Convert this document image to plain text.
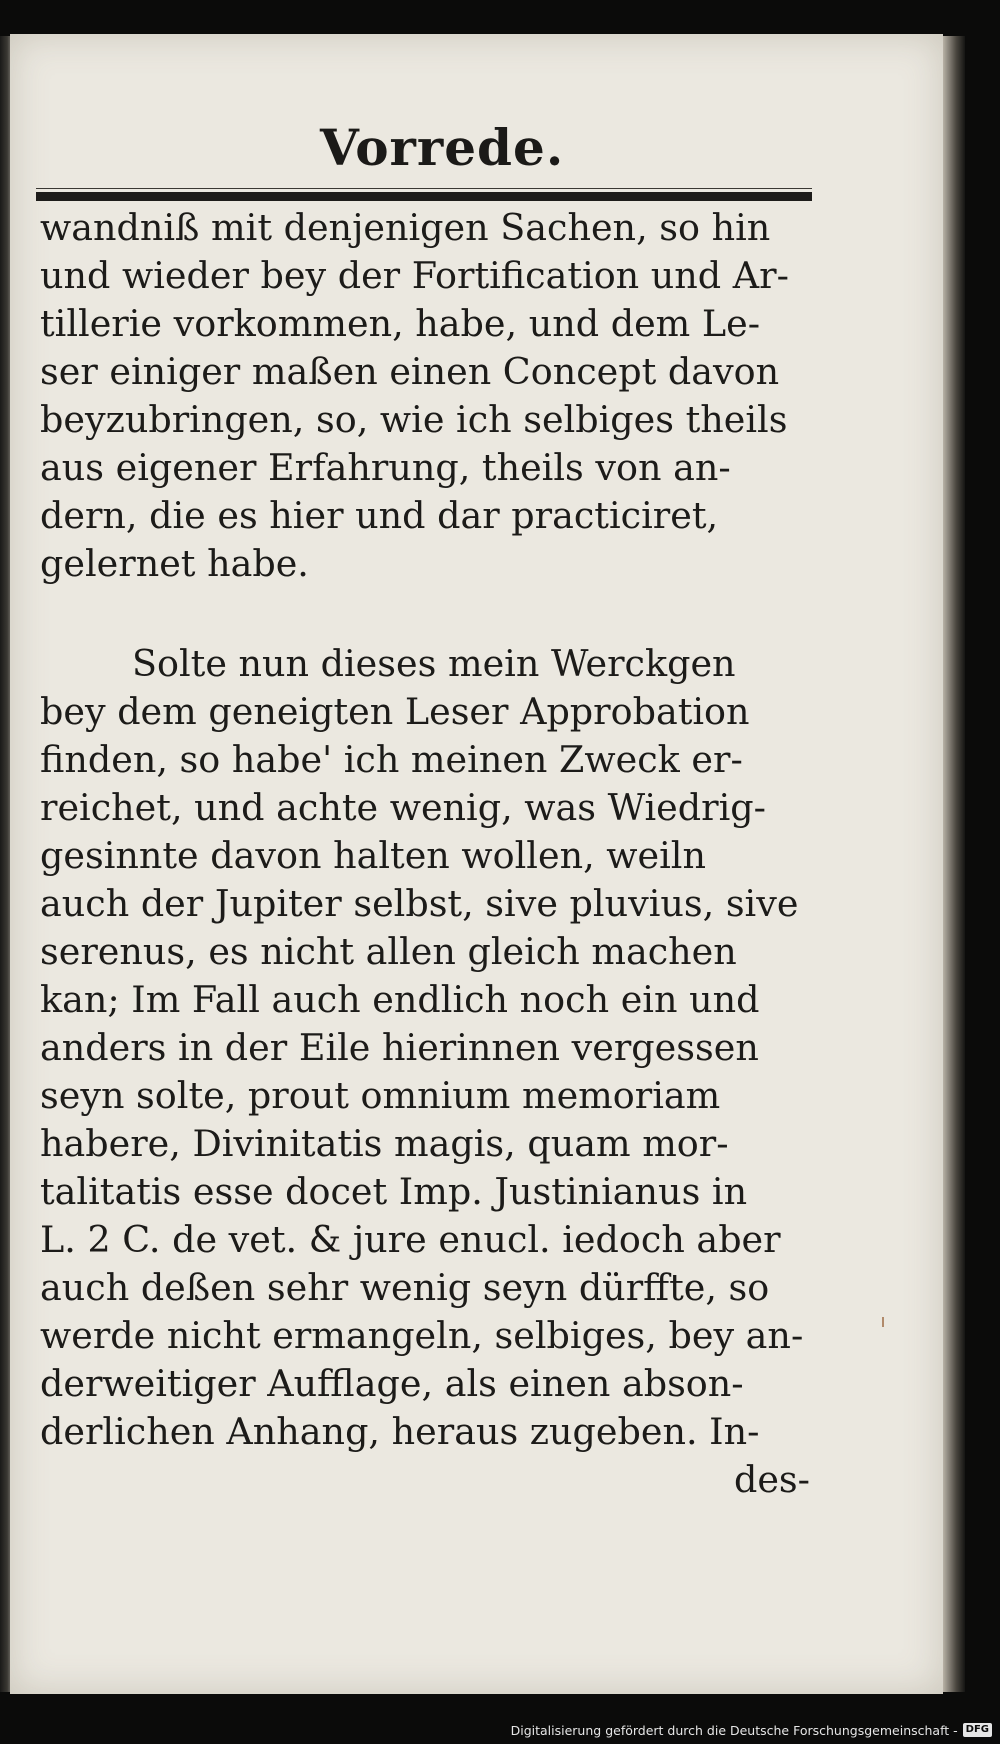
Vorrede.
wandniß mit denjenigen Sachen, so hin
und wieder bey der Fortification und Ar-
tillerie vorkommen, habe, und dem Le-
ser einiger maßen einen Concept davon
beyzubringen, so, wie ich selbiges theils
aus eigener Erfahrung, theils von an-
dern, die es hier und dar practiciret,
gelernet habe.
Solte nun dieses mein Werckgen
bey dem geneigten Leser Approbation
finden, so habe' ich meinen Zweck er-
reichet, und achte wenig, was Wiedrig-
gesinnte davon halten wollen, weiln
auch der Jupiter selbst, sive pluvius, sive
serenus, es nicht allen gleich machen
kan; Im Fall auch endlich noch ein und
anders in der Eile hierinnen vergessen
seyn solte, prout omnium memoriam
habere, Divinitatis magis, quam mor-
talitatis esse docet Imp. Justinianus in
L. 2 C. de vet. & jure enucl. iedoch aber
auch deßen sehr wenig seyn dürffte, so
werde nicht ermangeln, selbiges, bey an-
derweitiger Aufflage, als einen abson-
derlichen Anhang, heraus zugeben. In-
des-
Digitalisierung gefördert durch die Deutsche Forschungsgemeinschaft - DFG
